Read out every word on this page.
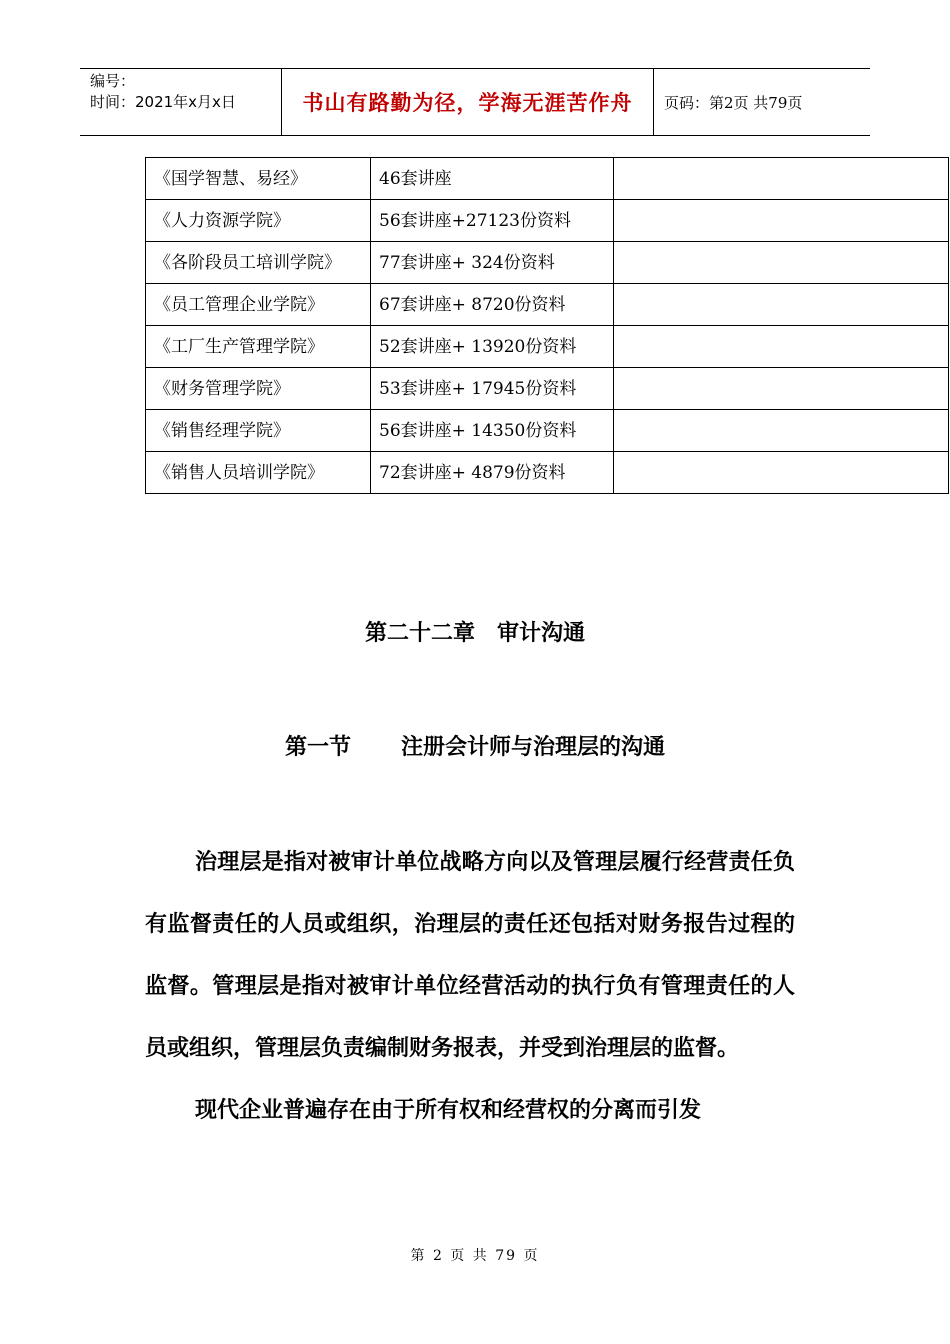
编号：
时间：2021年x月x日	书山有路勤为径，学海无涯苦作舟	页码：第2页 共79页
《国学智慧、易经》	46套讲座	
《人力资源学院》	56套讲座+27123份资料	
《各阶段员工培训学院》	77套讲座+ 324份资料	
《员工管理企业学院》	67套讲座+ 8720份资料	
《工厂生产管理学院》	52套讲座+ 13920份资料	
《财务管理学院》	53套讲座+ 17945份资料	
《销售经理学院》	56套讲座+ 14350份资料	
《销售人员培训学院》	72套讲座+ 4879份资料	
第二十二章　审计沟通
第一节 注册会计师与治理层的沟通

治理层是指对被审计单位战略方向以及管理层履行经营责任负有监督责任的人员或组织，治理层的责任还包括对财务报告过程的监督。管理层是指对被审计单位经营活动的执行负有管理责任的人员或组织，管理层负责编制财务报表，并受到治理层的监督。

现代企业普遍存在由于所有权和经营权的分离而引发

第 2 页 共 79 页
